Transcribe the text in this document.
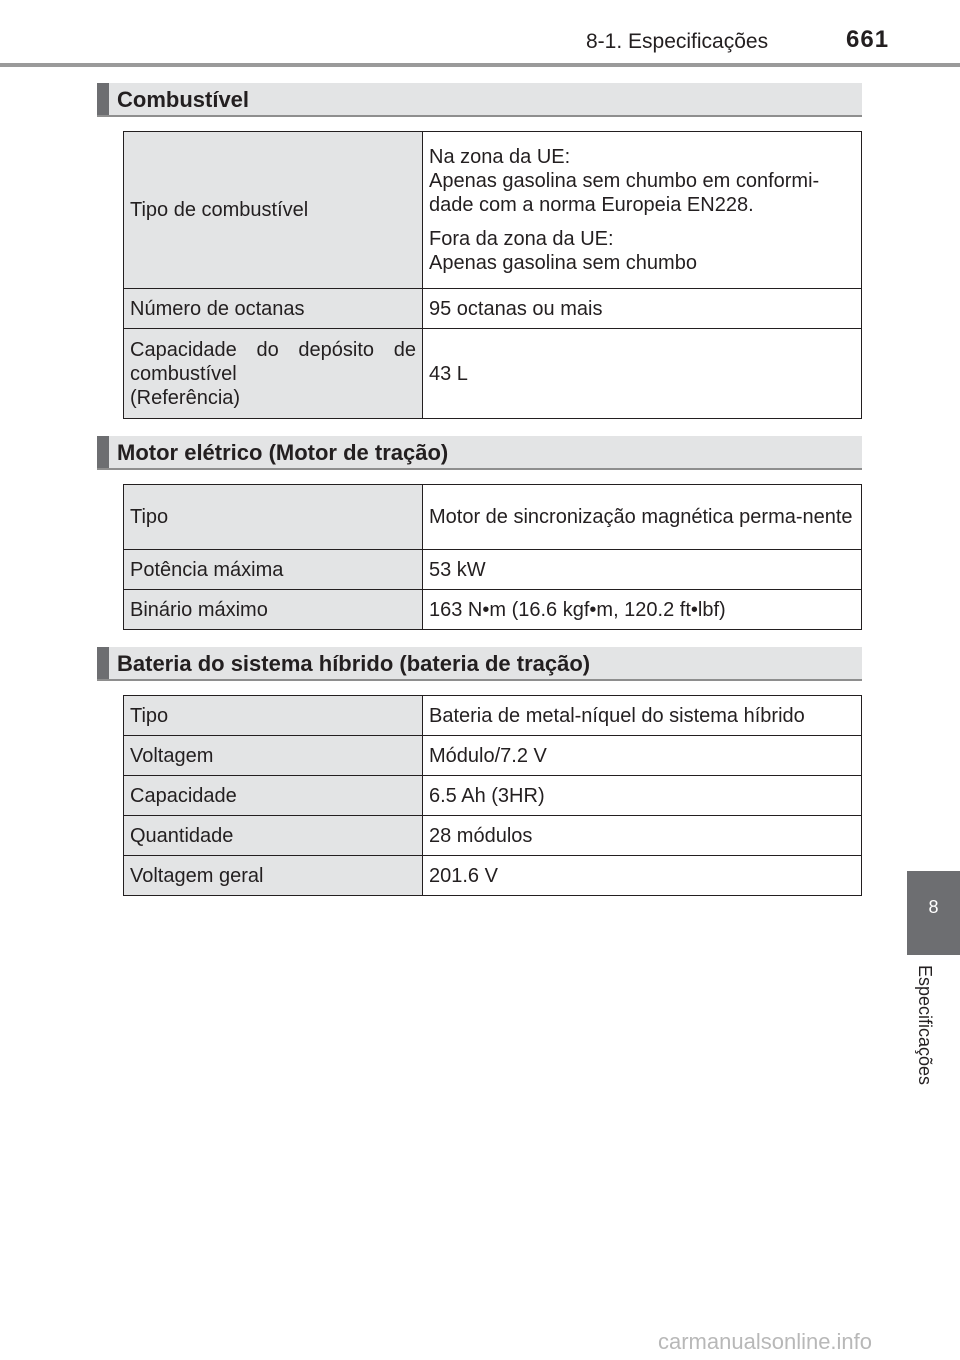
8-1. Especificações	661
Combustível
Tipo de combustível	Na zona da UE:
Apenas gasolina sem chumbo em conformi-dade com a norma Europeia EN228.
Fora da zona da UE:
Apenas gasolina sem chumbo

Número de octanas	95 octanas ou mais
Capacidade do depósito de combustível
(Referência)	43 L
Motor elétrico (Motor de tração)
Tipo	Motor de sincronização magnética perma-nente
Potência máxima	53 kW
Binário máximo	163 N•m (16.6 kgf•m, 120.2 ft•lbf)
Bateria do sistema híbrido (bateria de tração)
Tipo	Bateria de metal-níquel do sistema híbrido
Voltagem	Módulo/7.2 V
Capacidade	6.5 Ah (3HR)
Quantidade	28 módulos
Voltagem geral	201.6 V
8
Especificações
carmanualsonline.info
